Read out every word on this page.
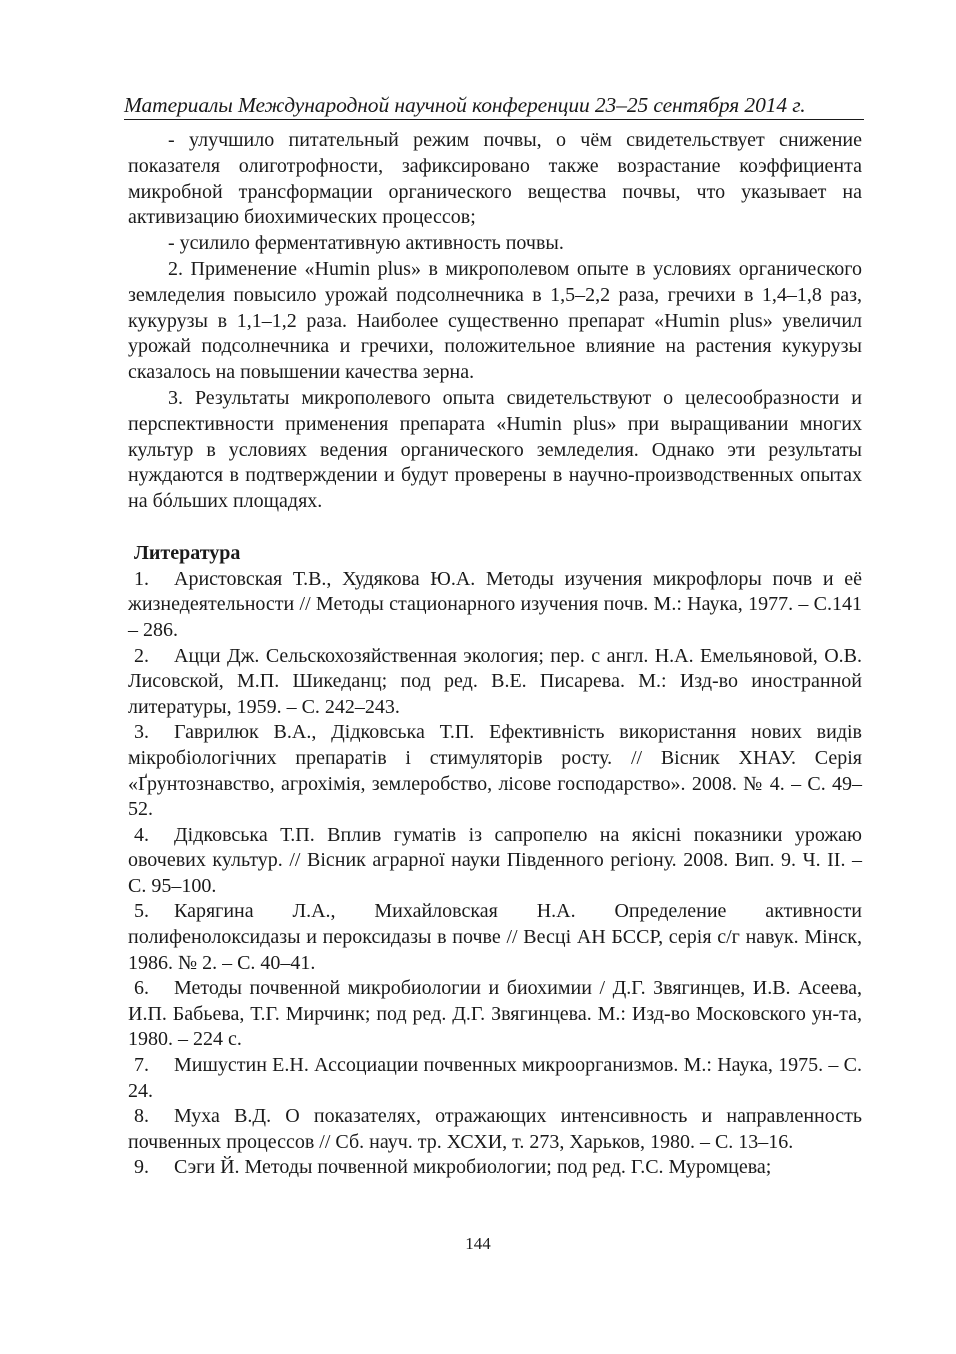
Материалы Международной научной конференции 23–25 сентября 2014 г.

- улучшило питательный режим почвы, о чём свидетельствует снижение показателя олиготрофности, зафиксировано также возрастание коэффициента микробной трансформации органического вещества почвы, что указывает на активизацию биохимических процессов;

- усилило ферментативную активность почвы.

2. Применение «Humin plus» в микрополевом опыте в условиях органического земледелия повысило урожай подсолнечника в 1,5–2,2 раза, гречихи в 1,4–1,8 раз, кукурузы в 1,1–1,2 раза. Наиболее существенно препарат «Humin plus» увеличил урожай подсолнечника и гречихи, положительное влияние на растения кукурузы сказалось на повышении качества зерна.

3. Результаты микрополевого опыта свидетельствуют о целесообразности и перспективности применения препарата «Humin plus» при выращивании многих культур в условиях ведения органического земледелия. Однако эти результаты нуждаются в подтверждении и будут проверены в научно-производственных опытах на бóльших площадях.

Литература

1. Аристовская Т.В., Худякова Ю.А. Методы изучения микрофлоры почв и её жизнедеятельности // Методы стационарного изучения почв. М.: Наука, 1977. – С.141 – 286.

2. Ацци Дж. Сельскохозяйственная экология; пер. с англ. Н.А. Емельяновой, О.В. Лисовской, М.П. Шикеданц; под ред. В.Е. Писарева. М.: Изд-во иностранной литературы, 1959. – С. 242–243.

3. Гаврилюк В.А., Дідковська Т.П. Ефективність використання нових видів мікробіологічних препаратів і стимуляторів росту. // Вісник ХНАУ. Серія «Ґрунтознавство, агрохімія, землеробство, лісове господарство». 2008. № 4. – С. 49–52.

4. Дідковська Т.П. Вплив гуматів із сапропелю на якісні показники урожаю овочевих культур. // Вісник аграрної науки Південного регіону. 2008. Вип. 9. Ч. ІІ. – С. 95–100.

5. Карягина Л.А., Михайловская Н.А. Определение активности полифенолоксидазы и пероксидазы в почве // Весці АН БССР, серія с/г навук. Мінск, 1986. № 2. – С. 40–41.

6. Методы почвенной микробиологии и биохимии / Д.Г. Звягинцев, И.В. Асеева, И.П. Бабьева, Т.Г. Мирчинк; под ред. Д.Г. Звягинцева. М.: Изд-во Московского ун-та, 1980. – 224 с.

7. Мишустин Е.Н. Ассоциации почвенных микроорганизмов. М.: Наука, 1975. – С. 24.

8. Муха В.Д. О показателях, отражающих интенсивность и направленность почвенных процессов // Сб. науч. тр. ХСХИ, т. 273, Харьков, 1980. – С. 13–16.

9. Сэги Й. Методы почвенной микробиологии; под ред. Г.С. Муромцева;

144
